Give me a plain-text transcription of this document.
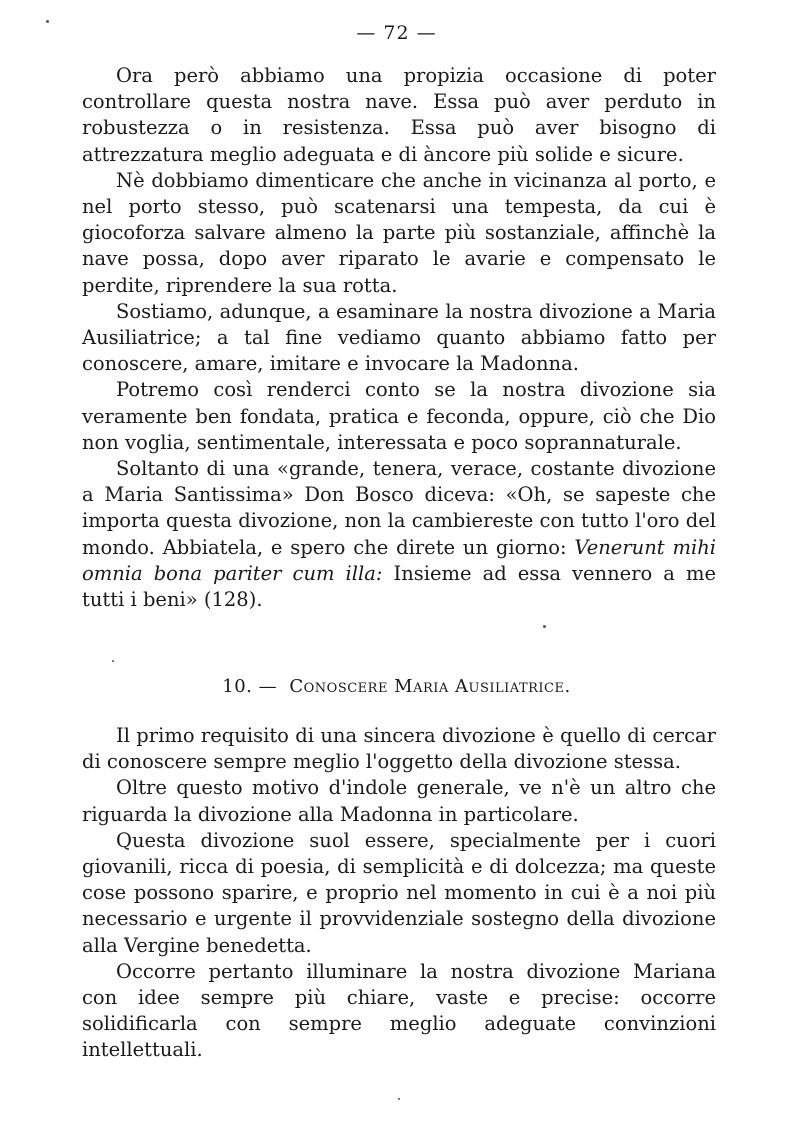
— 72 —

Ora però abbiamo una propizia occasione di poter controllare questa nostra nave. Essa può aver perduto in robustezza o in resistenza. Essa può aver bisogno di attrezzatura meglio adeguata e di àncore più solide e sicure.

Nè dobbiamo dimenticare che anche in vicinanza al porto, e nel porto stesso, può scatenarsi una tempesta, da cui è giocoforza salvare almeno la parte più sostanziale, affinchè la nave possa, dopo aver riparato le avarie e compensato le perdite, riprendere la sua rotta.

Sostiamo, adunque, a esaminare la nostra divozione a Maria Ausiliatrice; a tal fine vediamo quanto abbiamo fatto per conoscere, amare, imitare e invocare la Madonna.

Potremo così renderci conto se la nostra divozione sia veramente ben fondata, pratica e feconda, oppure, ciò che Dio non voglia, sentimentale, interessata e poco soprannaturale.

Soltanto di una «grande, tenera, verace, costante divozione a Maria Santissima» Don Bosco diceva: «Oh, se sapeste che importa questa divozione, non la cambiereste con tutto l'oro del mondo. Abbiatela, e spero che direte un giorno: Venerunt mihi omnia bona pariter cum illa: Insieme ad essa vennero a me tutti i beni» (128).

10. — Conoscere Maria Ausiliatrice.

Il primo requisito di una sincera divozione è quello di cercar di conoscere sempre meglio l'oggetto della divozione stessa.

Oltre questo motivo d'indole generale, ve n'è un altro che riguarda la divozione alla Madonna in particolare.

Questa divozione suol essere, specialmente per i cuori giovanili, ricca di poesia, di semplicità e di dolcezza; ma queste cose possono sparire, e proprio nel momento in cui è a noi più necessario e urgente il provvidenziale sostegno della divozione alla Vergine benedetta.

Occorre pertanto illuminare la nostra divozione Mariana con idee sempre più chiare, vaste e precise: occorre solidificarla con sempre meglio adeguate convinzioni intellettuali.
